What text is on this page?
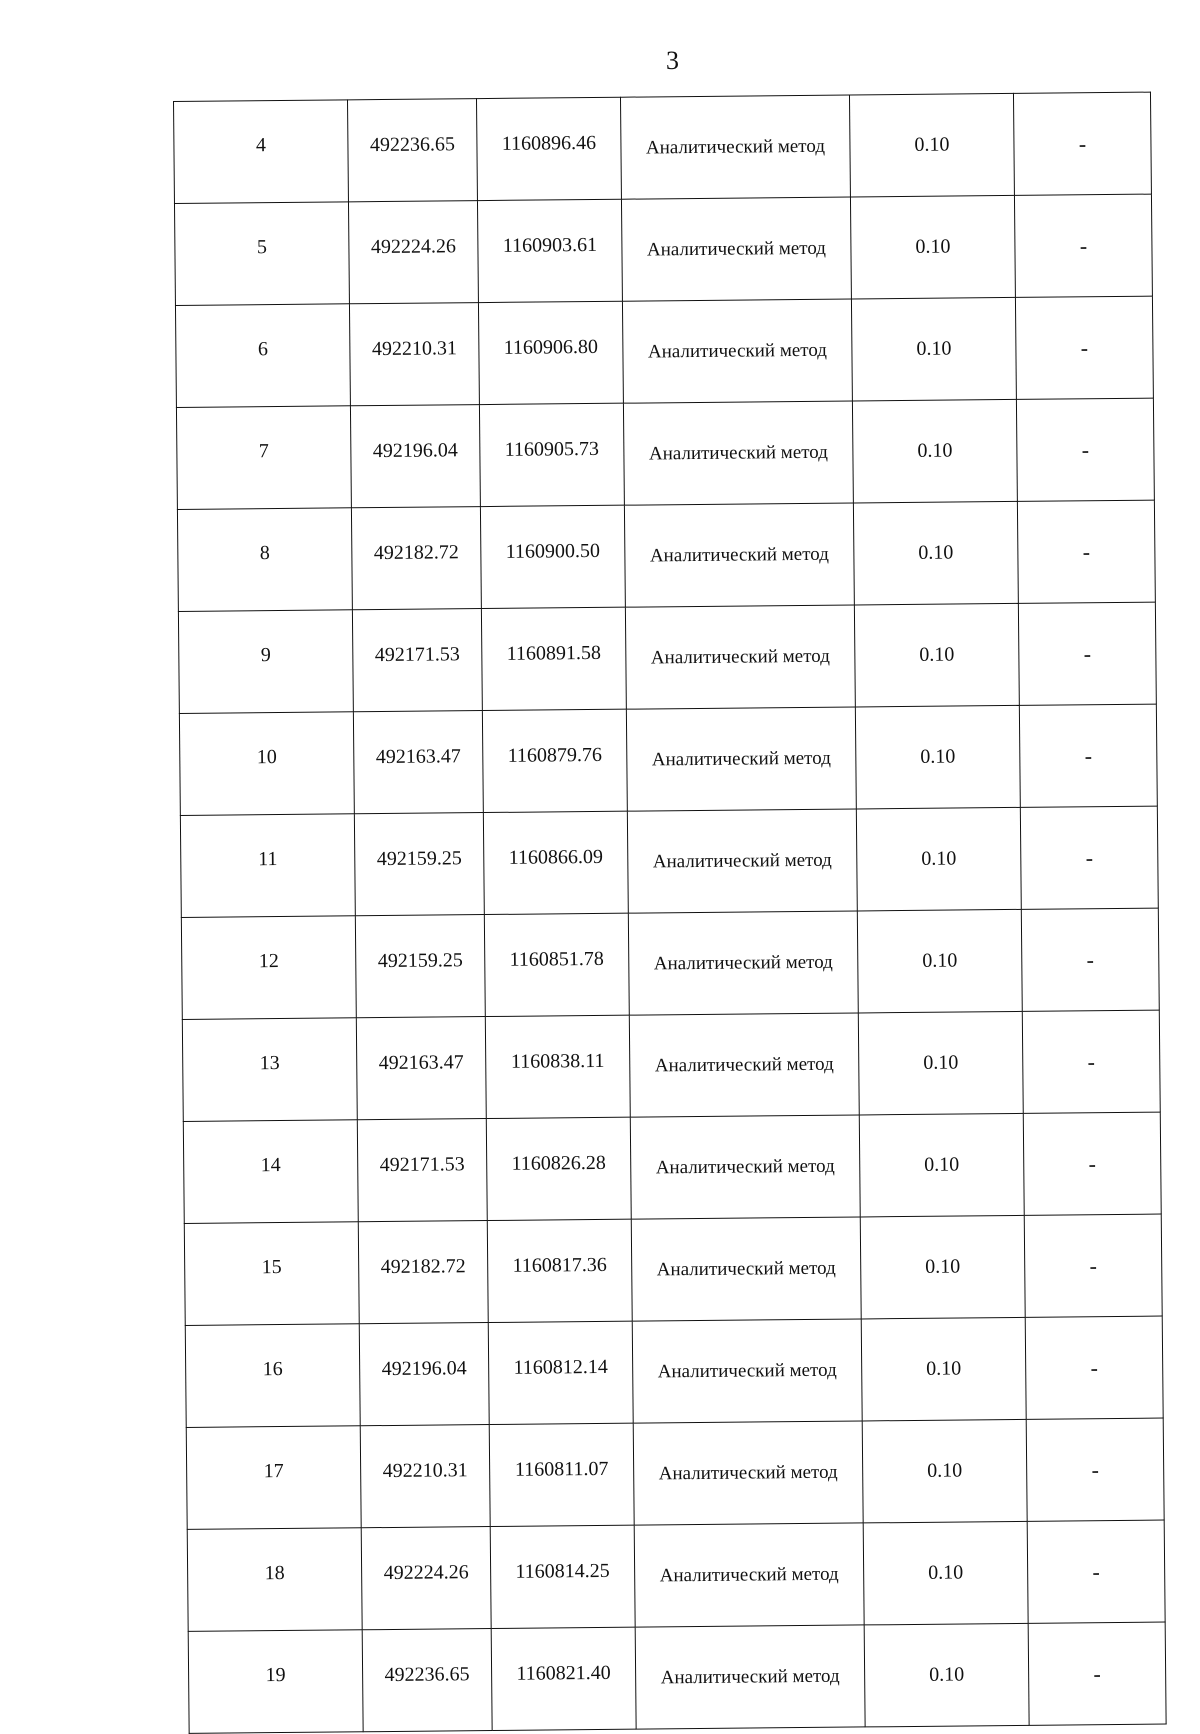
3
4	492236.65	1160896.46	Аналитический метод	0.10	-
5	492224.26	1160903.61	Аналитический метод	0.10	-
6	492210.31	1160906.80	Аналитический метод	0.10	-
7	492196.04	1160905.73	Аналитический метод	0.10	-
8	492182.72	1160900.50	Аналитический метод	0.10	-
9	492171.53	1160891.58	Аналитический метод	0.10	-
10	492163.47	1160879.76	Аналитический метод	0.10	-
11	492159.25	1160866.09	Аналитический метод	0.10	-
12	492159.25	1160851.78	Аналитический метод	0.10	-
13	492163.47	1160838.11	Аналитический метод	0.10	-
14	492171.53	1160826.28	Аналитический метод	0.10	-
15	492182.72	1160817.36	Аналитический метод	0.10	-
16	492196.04	1160812.14	Аналитический метод	0.10	-
17	492210.31	1160811.07	Аналитический метод	0.10	-
18	492224.26	1160814.25	Аналитический метод	0.10	-
19	492236.65	1160821.40	Аналитический метод	0.10	-
